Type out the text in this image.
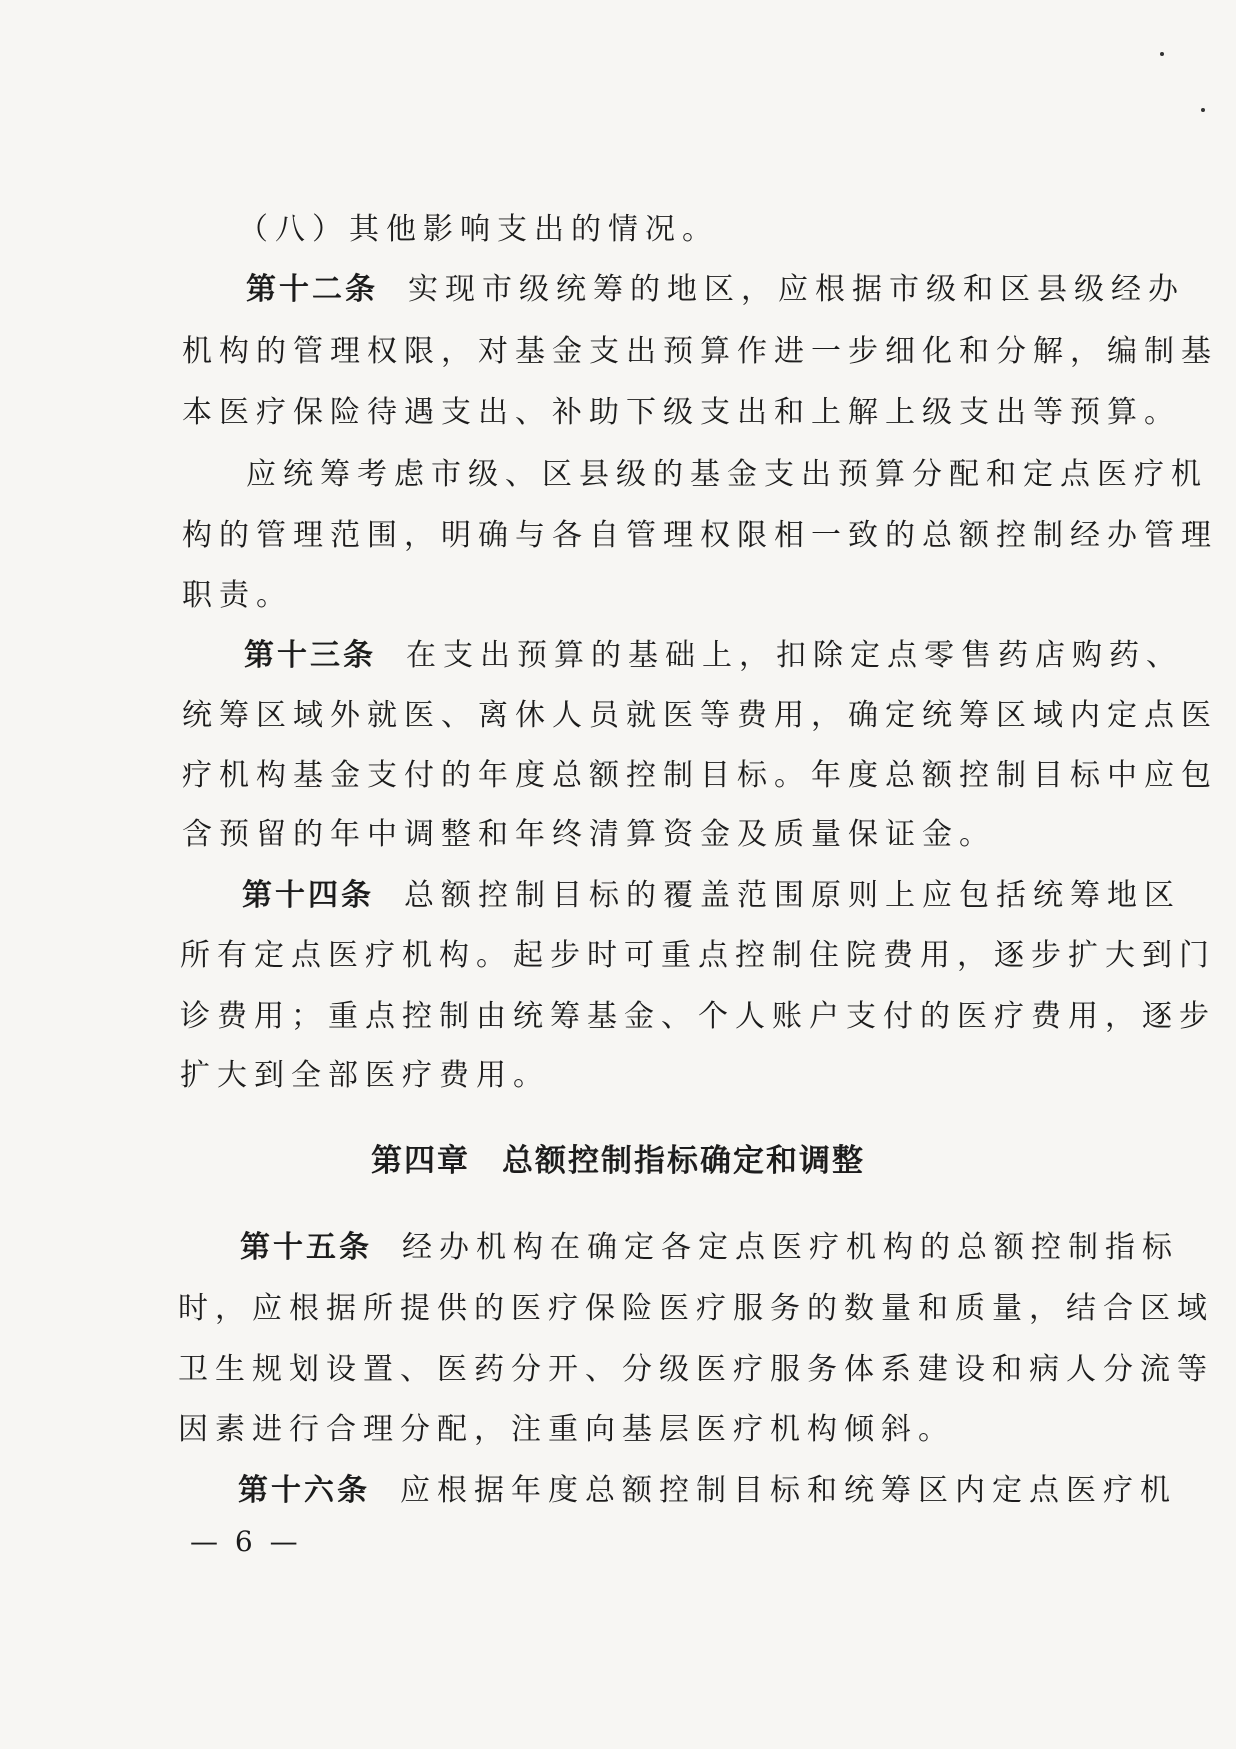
（八）其他影响支出的情况。
第十二条 实现市级统筹的地区，应根据市级和区县级经办
机构的管理权限，对基金支出预算作进一步细化和分解，编制基
本医疗保险待遇支出、补助下级支出和上解上级支出等预算。
应统筹考虑市级、区县级的基金支出预算分配和定点医疗机
构的管理范围，明确与各自管理权限相一致的总额控制经办管理
职责。
第十三条 在支出预算的基础上，扣除定点零售药店购药、
统筹区域外就医、离休人员就医等费用，确定统筹区域内定点医
疗机构基金支付的年度总额控制目标。年度总额控制目标中应包
含预留的年中调整和年终清算资金及质量保证金。
第十四条 总额控制目标的覆盖范围原则上应包括统筹地区
所有定点医疗机构。起步时可重点控制住院费用，逐步扩大到门
诊费用；重点控制由统筹基金、个人账户支付的医疗费用，逐步
扩大到全部医疗费用。
第四章 总额控制指标确定和调整
第十五条 经办机构在确定各定点医疗机构的总额控制指标
时，应根据所提供的医疗保险医疗服务的数量和质量，结合区域
卫生规划设置、医药分开、分级医疗服务体系建设和病人分流等
因素进行合理分配，注重向基层医疗机构倾斜。
第十六条 应根据年度总额控制目标和统筹区内定点医疗机
— 6 —
